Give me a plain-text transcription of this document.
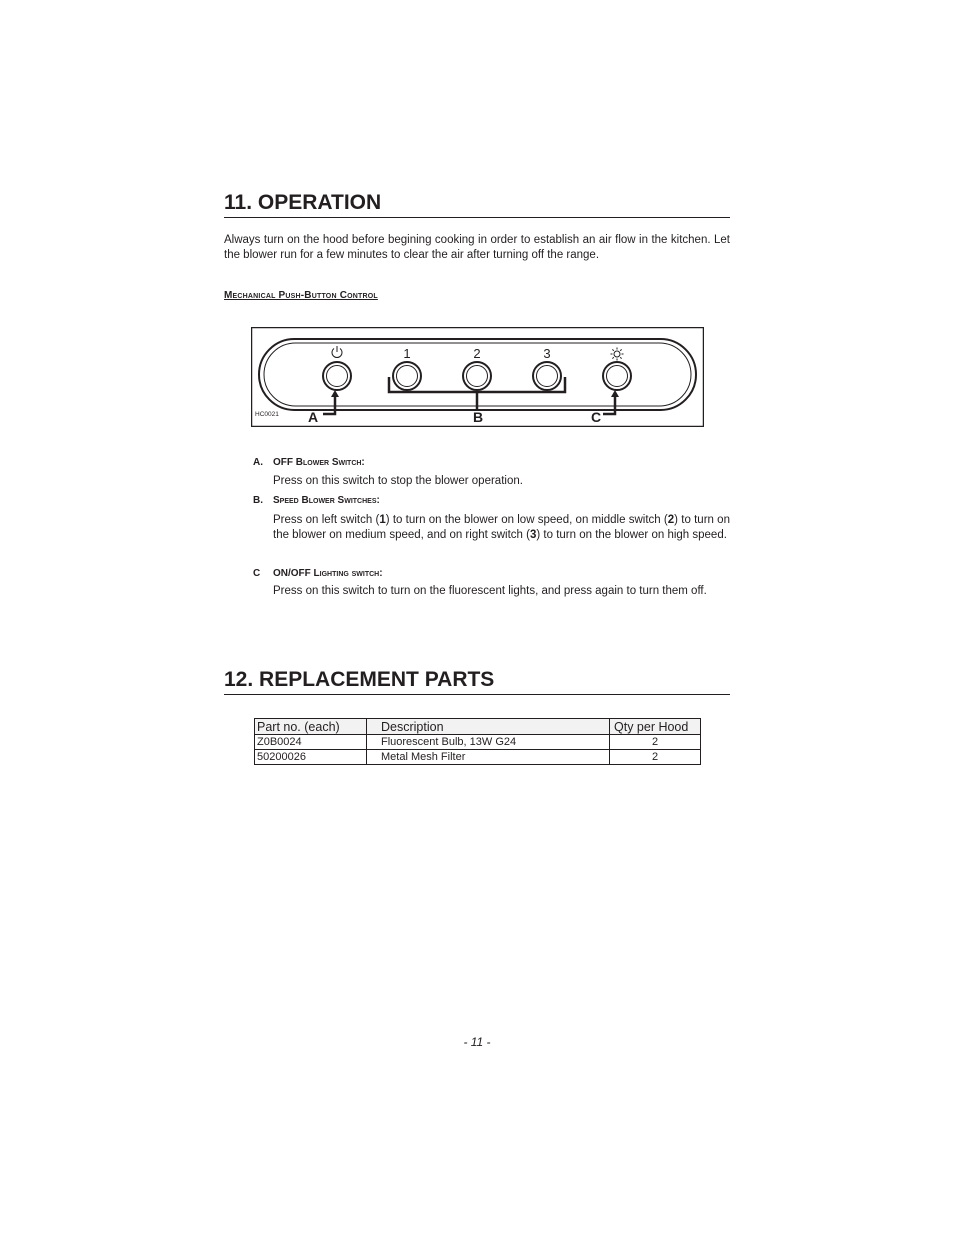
11. OPERATION

Always turn on the hood before begining cooking in order to establish an air flow in the kitchen. Let the blower run for a few minutes to clear the air after turning off the range.

Mechanical Push-Button Control
1	2	3
HC0021 A	B	C
A. OFF Blower Switch:

Press on this switch to stop the blower operation.

B. Speed Blower Switches:

Press on left switch (1) to turn on the blower on low speed, on middle switch (2) to turn on the blower on medium speed, and on right switch (3) to turn on the blower on high speed.

C ON/OFF Lighting switch:

Press on this switch to turn on the fluorescent lights, and press again to turn them off.

12. REPLACEMENT PARTS
Part no. (each)	Description	Qty per Hood
Z0B0024	Fluorescent Bulb, 13W G24	2
50200026	Metal Mesh Filter	2
- 11 -
